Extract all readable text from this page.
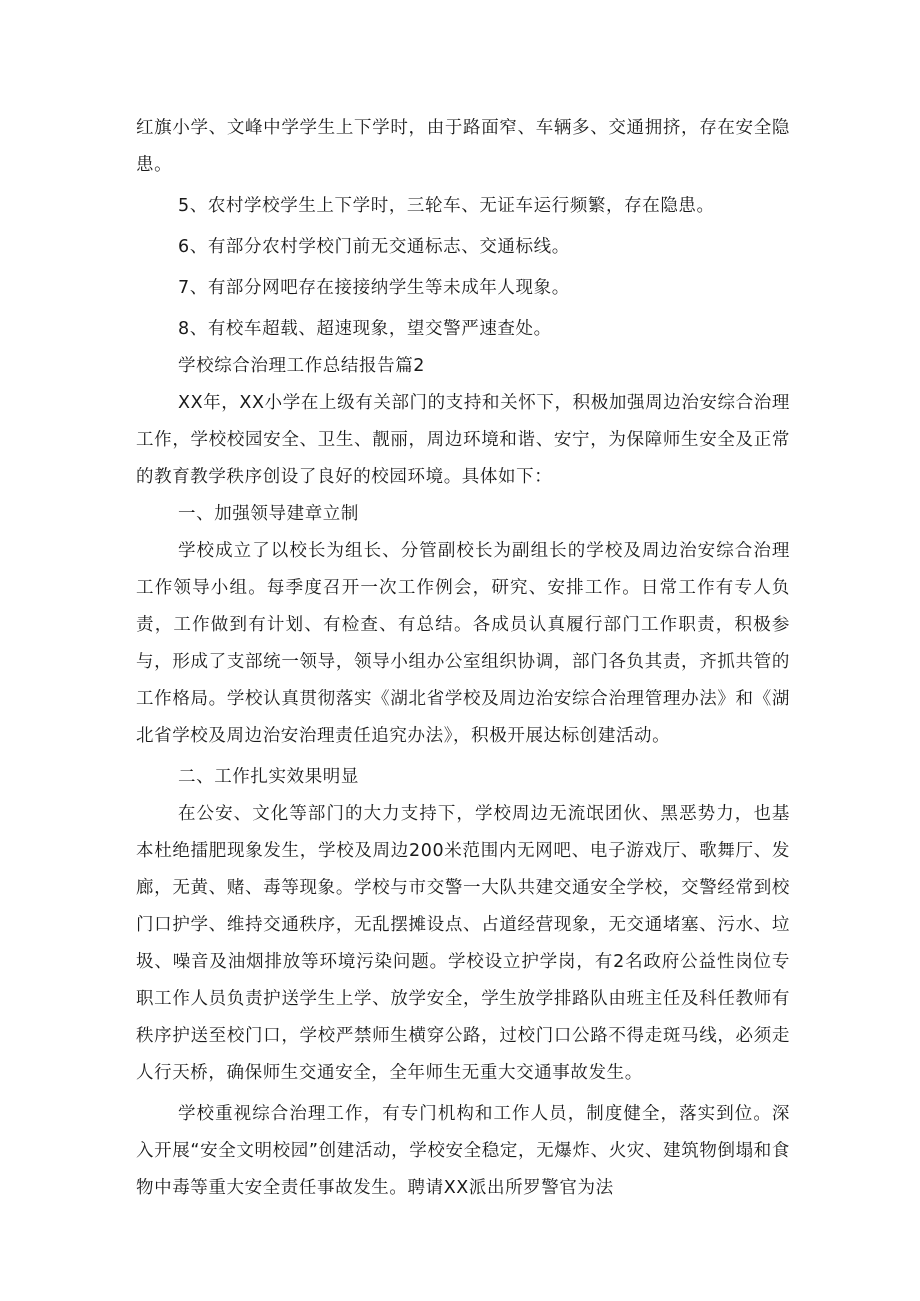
红旗小学、文峰中学学生上下学时，由于路面窄、车辆多、交通拥挤，存在安全隐患。

5、农村学校学生上下学时，三轮车、无证车运行频繁，存在隐患。

6、有部分农村学校门前无交通标志、交通标线。

7、有部分网吧存在接接纳学生等未成年人现象。

8、有校车超载、超速现象，望交警严速查处。

学校综合治理工作总结报告篇2

XX年，XX小学在上级有关部门的支持和关怀下，积极加强周边治安综合治理工作，学校校园安全、卫生、靓丽，周边环境和谐、安宁，为保障师生安全及正常的教育教学秩序创设了良好的校园环境。具体如下：

一、加强领导建章立制

学校成立了以校长为组长、分管副校长为副组长的学校及周边治安综合治理工作领导小组。每季度召开一次工作例会，研究、安排工作。日常工作有专人负责，工作做到有计划、有检查、有总结。各成员认真履行部门工作职责，积极参与，形成了支部统一领导，领导小组办公室组织协调，部门各负其责，齐抓共管的工作格局。学校认真贯彻落实《湖北省学校及周边治安综合治理管理办法》和《湖北省学校及周边治安治理责任追究办法》，积极开展达标创建活动。

二、工作扎实效果明显

在公安、文化等部门的大力支持下，学校周边无流氓团伙、黑恶势力，也基本杜绝擂肥现象发生，学校及周边200米范围内无网吧、电子游戏厅、歌舞厅、发廊，无黄、赌、毒等现象。学校与市交警一大队共建交通安全学校，交警经常到校门口护学、维持交通秩序，无乱摆摊设点、占道经营现象，无交通堵塞、污水、垃圾、噪音及油烟排放等环境污染问题。学校设立护学岗，有2名政府公益性岗位专职工作人员负责护送学生上学、放学安全，学生放学排路队由班主任及科任教师有秩序护送至校门口，学校严禁师生横穿公路，过校门口公路不得走斑马线，必须走人行天桥，确保师生交通安全，全年师生无重大交通事故发生。

学校重视综合治理工作，有专门机构和工作人员，制度健全，落实到位。深入开展“安全文明校园”创建活动，学校安全稳定，无爆炸、火灾、建筑物倒塌和食物中毒等重大安全责任事故发生。聘请XX派出所罗警官为法
